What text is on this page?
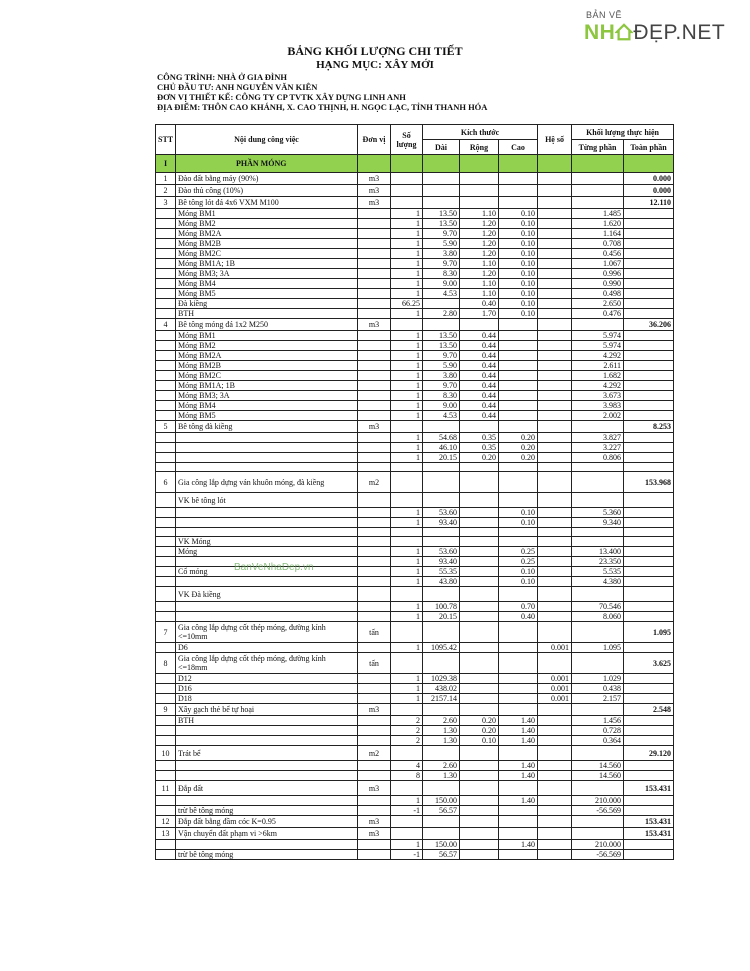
BẢN VẼ
NH ĐẸP.NET
BẢNG KHỐI LƯỢNG CHI TIẾT
HẠNG MỤC: XÂY MỚI
CÔNG TRÌNH: NHÀ Ở GIA ĐÌNH
CHỦ ĐẦU TƯ: ANH NGUYỄN VĂN KIÊN
ĐƠN VỊ THIẾT KẾ: CÔNG TY CP TVTK XÂY DỰNG LINH ANH
ĐỊA ĐIỂM: THÔN CAO KHÁNH, X. CAO THỊNH, H. NGỌC LẠC, TỈNH THANH HÓA
STT	Nội dung công việc	Đơn vị	Số lượng	Kích thước			Hệ số	Khối lượng thực hiện	
				Dài	Rộng	Cao		Từng phần	Toàn phần
I	PHẦN MÓNG								
1	Đào đất bằng máy (90%)	m3							0.000
2	Đào thủ công (10%)	m3							0.000
3	Bê tông lót đá 4x6 VXM M100	m3							12.110
	Móng BM1		1	13.50	1.10	0.10		1.485	
	Móng BM2		1	13.50	1.20	0.10		1.620	
	Móng BM2A		1	9.70	1.20	0.10		1.164	
	Móng BM2B		1	5.90	1.20	0.10		0.708	
	Móng BM2C		1	3.80	1.20	0.10		0.456	
	Móng BM1A; 1B		1	9.70	1.10	0.10		1.067	
	Móng BM3; 3A		1	8.30	1.20	0.10		0.996	
	Móng BM4		1	9.00	1.10	0.10		0.990	
	Móng BM5		1	4.53	1.10	0.10		0.498	
	Đà kiềng		66.25		0.40	0.10		2.650	
	BTH		1	2.80	1.70	0.10		0.476	
4	Bê tông móng đá 1x2 M250	m3							36.206
	Móng BM1		1	13.50	0.44			5.974	
	Móng BM2		1	13.50	0.44			5.974	
	Móng BM2A		1	9.70	0.44			4.292	
	Móng BM2B		1	5.90	0.44			2.611	
	Móng BM2C		1	3.80	0.44			1.682	
	Móng BM1A; 1B		1	9.70	0.44			4.292	
	Móng BM3; 3A		1	8.30	0.44			3.673	
	Móng BM4		1	9.00	0.44			3.983	
	Móng BM5		1	4.53	0.44			2.002	
5	Bê tông đà kiềng	m3							8.253
			1	54.68	0.35	0.20		3.827	
			1	46.10	0.35	0.20		3.227	
			1	20.15	0.20	0.20		0.806	

6	Gia công lắp dựng ván khuôn móng, đà kiềng	m2							153.968
	VK bê tông lót								
			1	53.60		0.10		5.360	
			1	93.40		0.10		9.340	

	VK Móng								
	Móng		1	53.60		0.25		13.400	
			1	93.40		0.25		23.350	
	Cổ móng		1	55.35		0.10		5.535	
			1	43.80		0.10		4.380	
	VK Đà kiềng								
			1	100.78		0.70		70.546	
			1	20.15		0.40		8.060	
7	Gia công lắp dựng cốt thép móng, đường kính <=10mm	tấn							1.095
	D6		1	1095.42			0.001	1.095	
8	Gia công lắp dựng cốt thép móng, đường kính <=18mm	tấn							3.625
	D12		1	1029.38			0.001	1.029	
	D16		1	438.02			0.001	0.438	
	D18		1	2157.14			0.001	2.157	
9	Xây gạch thẻ bể tự hoại	m3							2.548
	BTH		2	2.60	0.20	1.40		1.456	
			2	1.30	0.20	1.40		0.728	
			2	1.30	0.10	1.40		0.364	
10	Trát bể	m2							29.120
			4	2.60		1.40		14.560	
			8	1.30		1.40		14.560	
11	Đắp đất	m3							153.431
			1	150.00		1.40		210.000	
	trừ bê tông móng		-1	56.57				-56.569	
12	Đắp đất bằng đầm cóc K=0.95	m3							153.431
13	Vận chuyển đất phạm vi >6km	m3							153.431
			1	150.00		1.40		210.000	
	trừ bê tông móng		-1	56.57				-56.569	
BanVeNhaDep.vn
